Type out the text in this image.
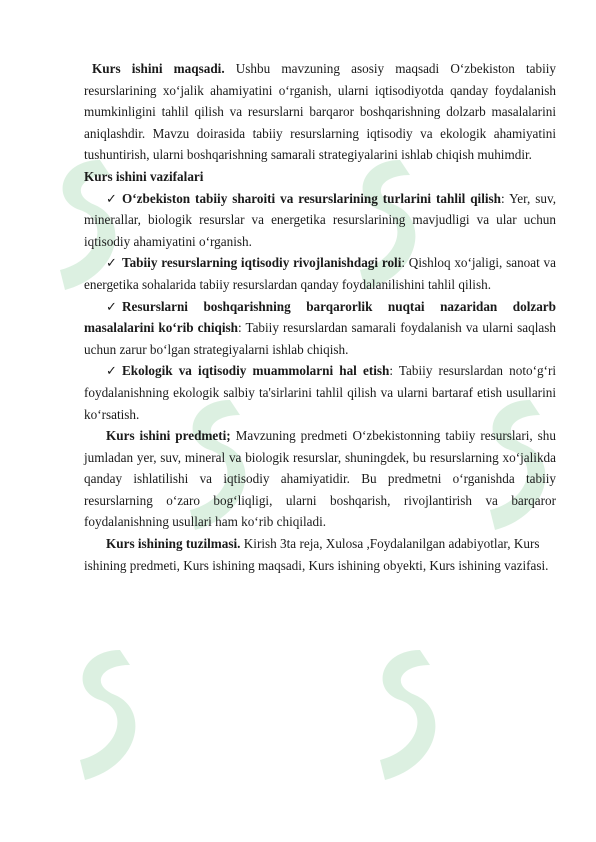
Kurs ishini maqsadi. Ushbu mavzuning asosiy maqsadi O‘zbekiston tabiiy resurslarining xo‘jalik ahamiyatini o‘rganish, ularni iqtisodiyotda qanday foydalanish mumkinligini tahlil qilish va resurslarni barqaror boshqarishning dolzarb masalalarini aniqlashdir. Mavzu doirasida tabiiy resurslarning iqtisodiy va ekologik ahamiyatini tushuntirish, ularni boshqarishning samarali strategiyalarini ishlab chiqish muhimdir.

Kurs ishini vazifalari

✓ O‘zbekiston tabiiy sharoiti va resurslarining turlarini tahlil qilish: Yer, suv, minerallar, biologik resurslar va energetika resurslarining mavjudligi va ular uchun iqtisodiy ahamiyatini o‘rganish.

✓ Tabiiy resurslarning iqtisodiy rivojlanishdagi roli: Qishloq xo‘jaligi, sanoat va energetika sohalarida tabiiy resurslardan qanday foydalanilishini tahlil qilish.

✓ Resurslarni boshqarishning barqarorlik nuqtai nazaridan dolzarb masalalarini ko‘rib chiqish: Tabiiy resurslardan samarali foydalanish va ularni saqlash uchun zarur bo‘lgan strategiyalarni ishlab chiqish.

✓ Ekologik va iqtisodiy muammolarni hal etish: Tabiiy resurslardan noto‘g‘ri foydalanishning ekologik salbiy ta'sirlarini tahlil qilish va ularni bartaraf etish usullarini ko‘rsatish.

Kurs ishini predmeti; Mavzuning predmeti O‘zbekistonning tabiiy resurslari, shu jumladan yer, suv, mineral va biologik resurslar, shuningdek, bu resurslarning xo‘jalikda qanday ishlatilishi va iqtisodiy ahamiyatidir. Bu predmetni o‘rganishda tabiiy resurslarning o‘zaro bog‘liqligi, ularni boshqarish, rivojlantirish va barqaror foydalanishning usullari ham ko‘rib chiqiladi.

Kurs ishining tuzilmasi. Kirish 3ta reja, Xulosa ,Foydalanilgan adabiyotlar, Kurs ishining predmeti, Kurs ishining maqsadi, Kurs ishining obyekti, Kurs ishining vazifasi.
